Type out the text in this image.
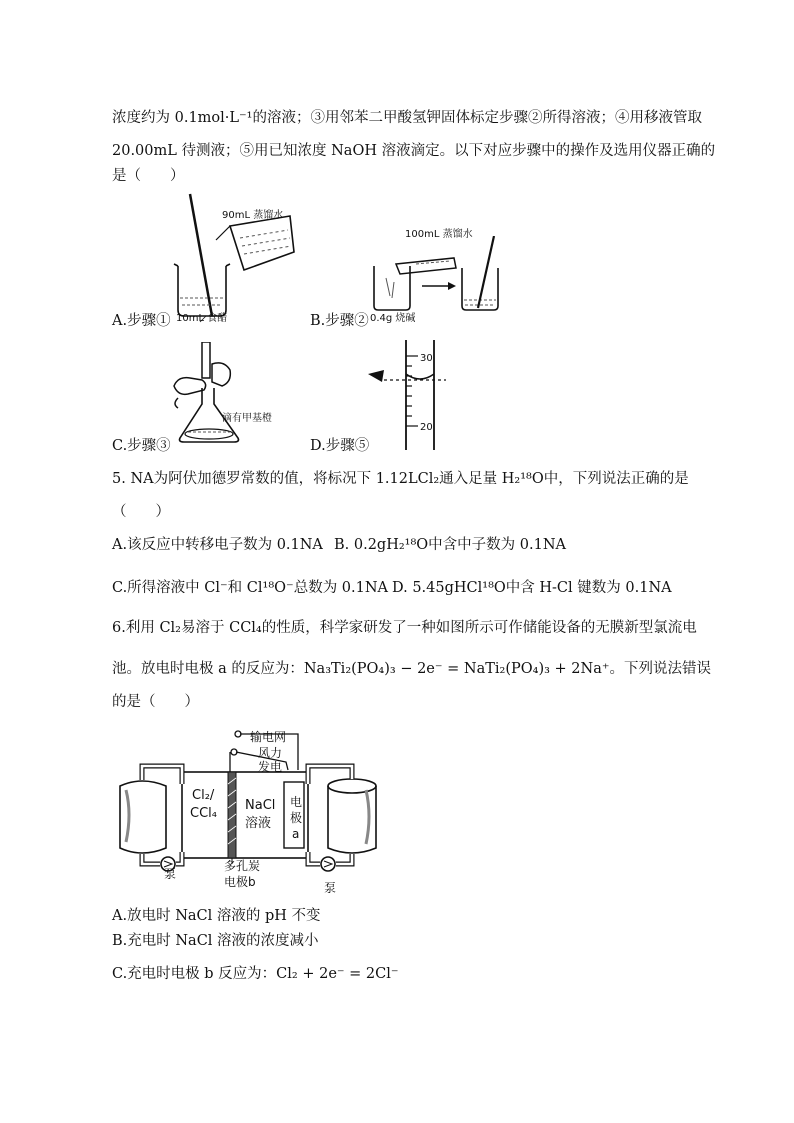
浓度约为 0.1mol·L⁻¹的溶液；③用邻苯二甲酸氢钾固体标定步骤②所得溶液；④用移液管取
20.00mL 待测液；⑤用已知浓度 NaOH 溶液滴定。以下对应步骤中的操作及选用仪器正确的
是（　　）
90mL 蒸馏水
10mL 食醋
A.步骤①
100mL 蒸馏水
0.4g 烧碱
B.步骤②
滴有甲基橙
C.步骤③
30
20
D.步骤⑤
5. NA为阿伏加德罗常数的值，将标况下 1.12LCl₂通入足量 H₂¹⁸O中，下列说法正确的是
（　　）
A.该反应中转移电子数为 0.1NA B. 0.2gH₂¹⁸O中含中子数为 0.1NA
C.所得溶液中 Cl⁻和 Cl¹⁸O⁻总数为 0.1NA D. 5.45gHCl¹⁸O中含 H-Cl 键数为 0.1NA
6.利用 Cl₂易溶于 CCl₄的性质，科学家研发了一种如图所示可作储能设备的无膜新型氯流电
池。放电时电极 a 的反应为：Na₃Ti₂(PO₄)₃ − 2e⁻ = NaTi₂(PO₄)₃ + 2Na⁺。下列说法错误
的是（　　）
输电网
风力
发电
Cl₂/
CCl₄
NaCl
溶液
电
极
a
多孔炭
电极b
泵
泵
A.放电时 NaCl 溶液的 pH 不变
B.充电时 NaCl 溶液的浓度减小
C.充电时电极 b 反应为：Cl₂ + 2e⁻ = 2Cl⁻
